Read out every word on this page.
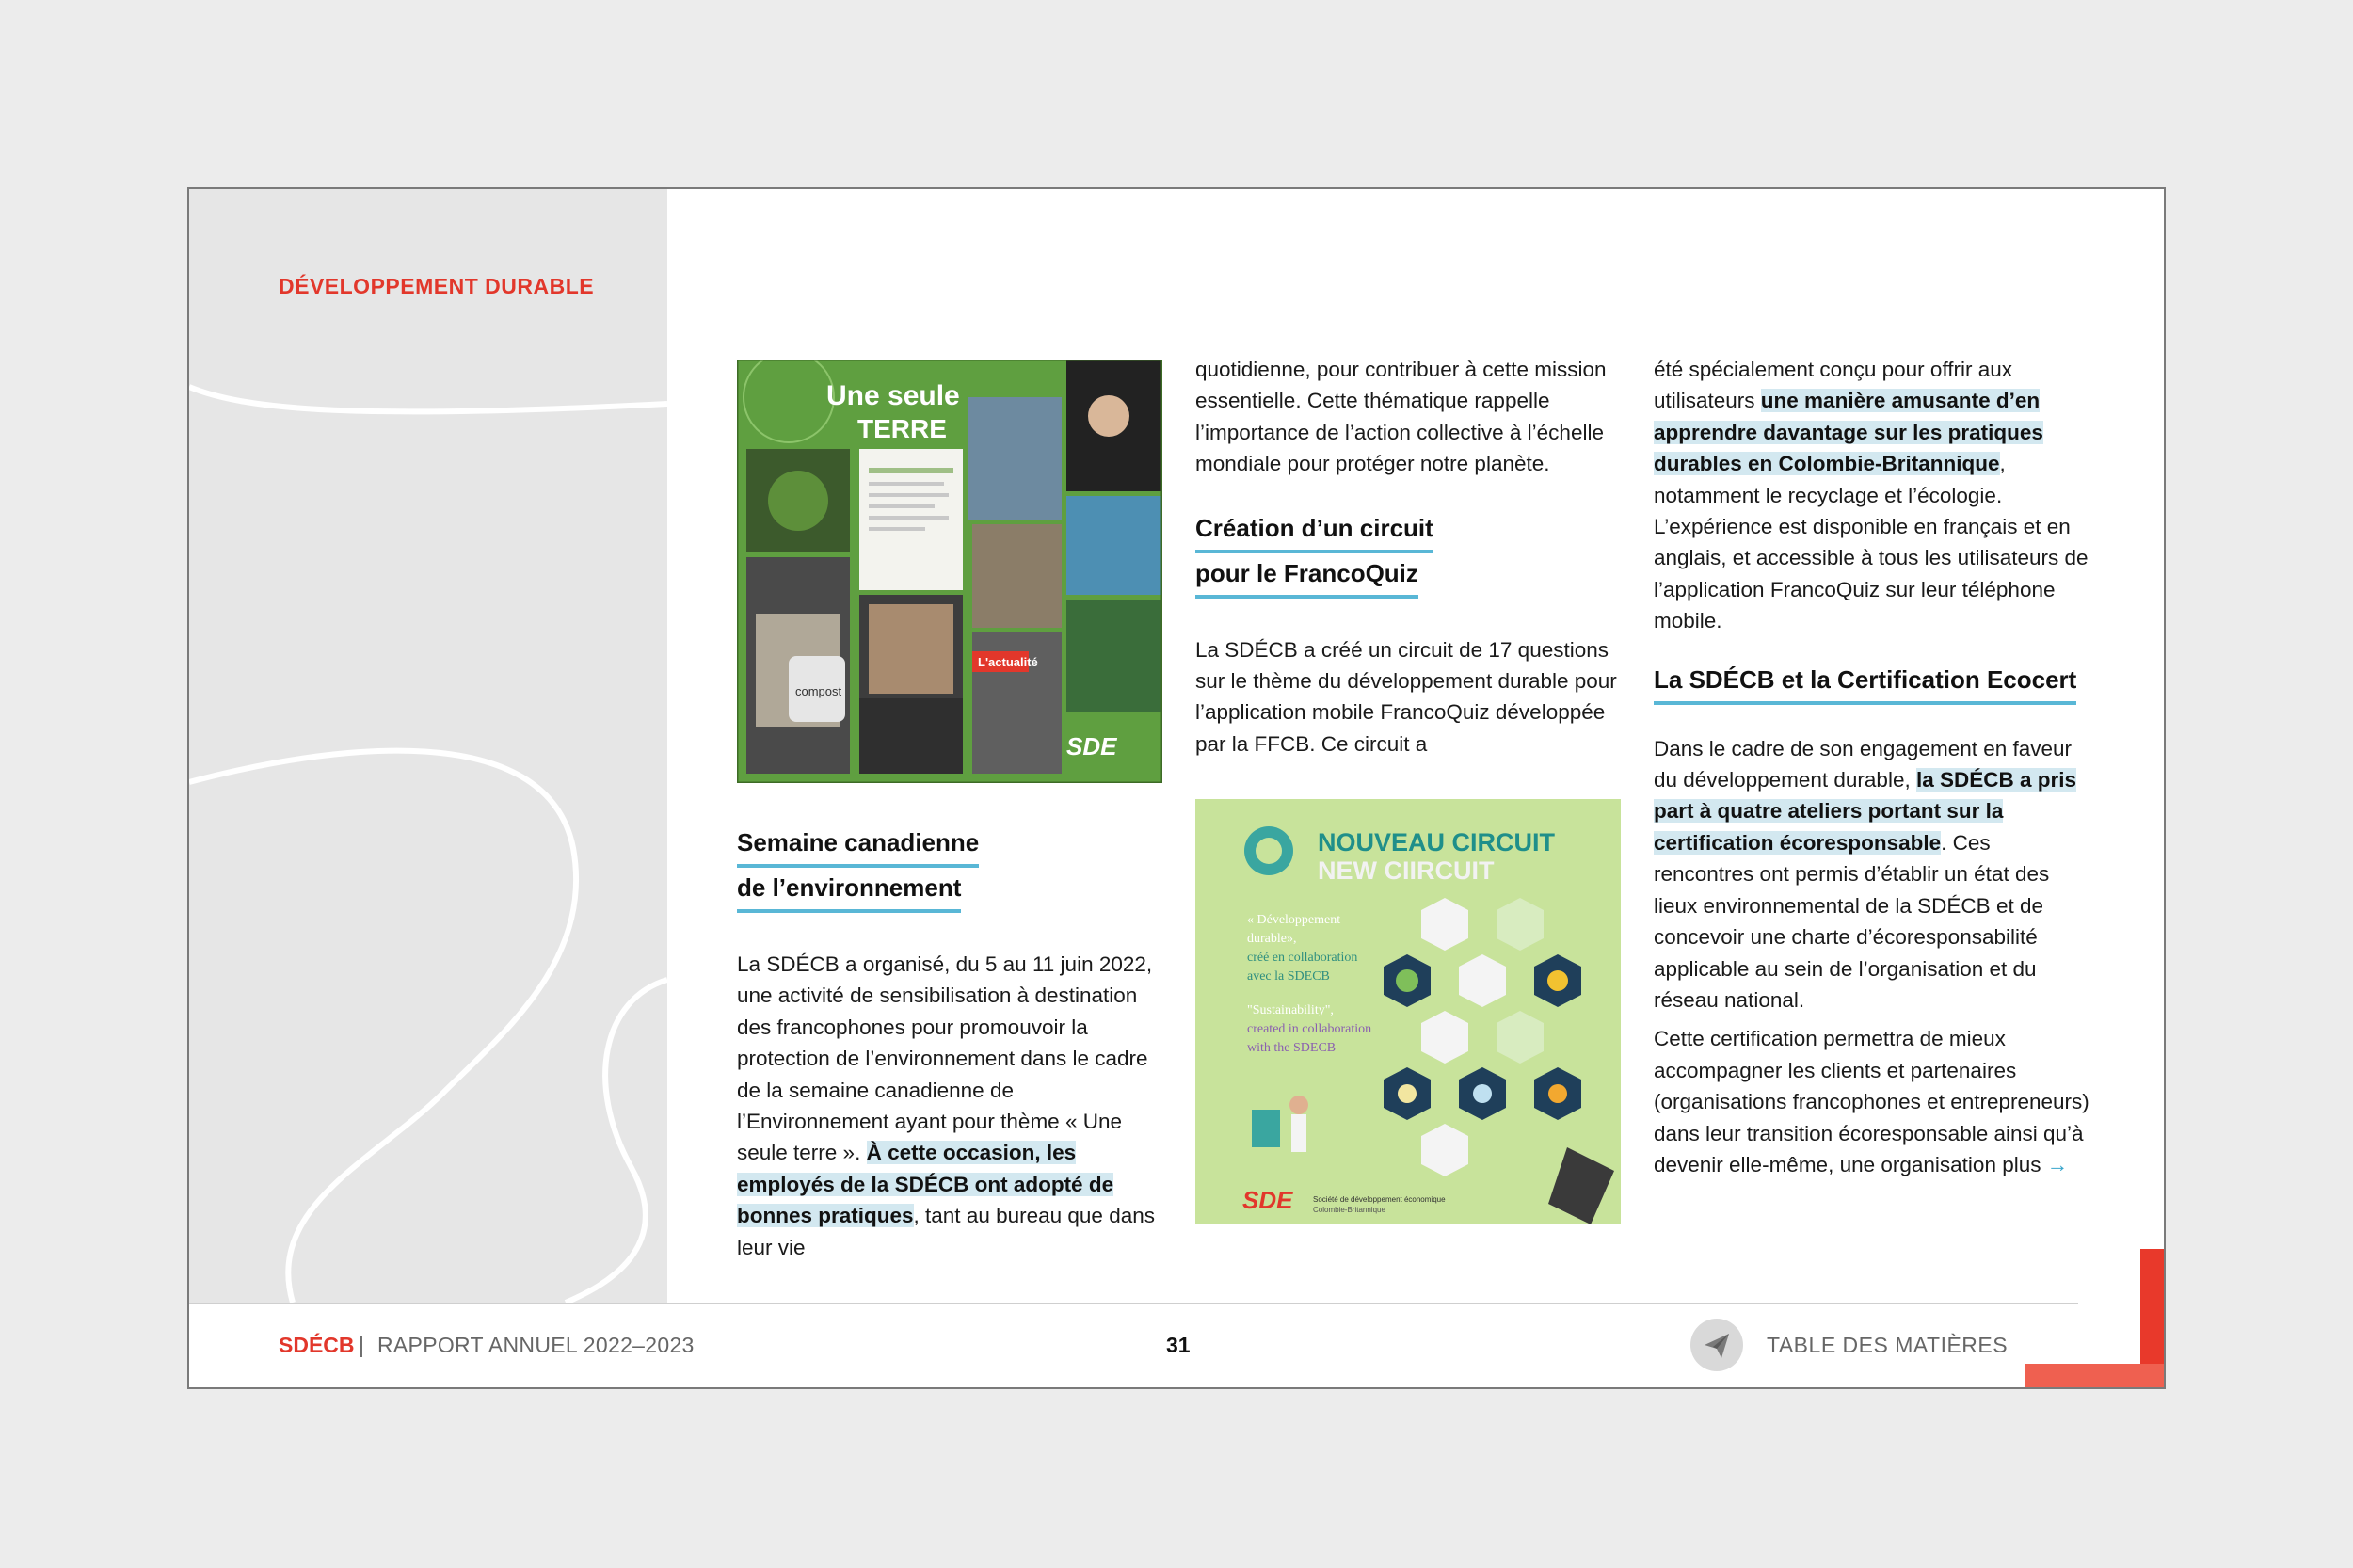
DÉVELOPPEMENT DURABLE
Une seule
TERRE
L'actualité
compost
SDE
Semaine canadienne
de l’environnement

La SDÉCB a organisé, du 5 au 11 juin 2022, une activité de sensibilisation à destination des francophones pour promouvoir la protection de l’environnement dans le cadre de la semaine canadienne de l’Environnement ayant pour thème « Une seule terre ». À cette occasion, les employés de la SDÉCB ont adopté de bonnes pratiques, tant au bureau que dans leur vie

quotidienne, pour contribuer à cette mission essentielle. Cette thématique rappelle l’importance de l’action collective à l’échelle mondiale pour protéger notre planète.

Création d’un circuit
pour le FrancoQuiz

La SDÉCB a créé un circuit de 17 questions sur le thème du développement durable pour l’application mobile FrancoQuiz développée par la FFCB. Ce circuit a

NOUVEAU CIRCUIT
NEW CIIRCUIT
« Développement
durable»,
créé en collaboration
avec la SDECB
"Sustainability",
created in collaboration
with the SDECB
SDE	Société de développement économique
Colombie-Britannique

été spécialement conçu pour offrir aux utilisateurs une manière amusante d’en apprendre davantage sur les pratiques durables en Colombie-Britannique, notamment le recyclage et l’écologie. L’expérience est disponible en français et en anglais, et accessible à tous les utilisateurs de l’application FrancoQuiz sur leur téléphone mobile.

La SDÉCB et la Certification Ecocert

Dans le cadre de son engagement en faveur du développement durable, la SDÉCB a pris part à quatre ateliers portant sur la certification écoresponsable. Ces rencontres ont permis d’établir un état des lieux environnemental de la SDÉCB et de concevoir une charte d’écoresponsabilité applicable au sein de l’organisation et du réseau national.

Cette certification permettra de mieux accompagner les clients et partenaires (organisations francophones et entrepreneurs) dans leur transition écoresponsable ainsi qu’à devenir elle-même, une organisation plus →

SDÉCB | RAPPORT ANNUEL 2022–2023	31	TABLE DES MATIÈRES
